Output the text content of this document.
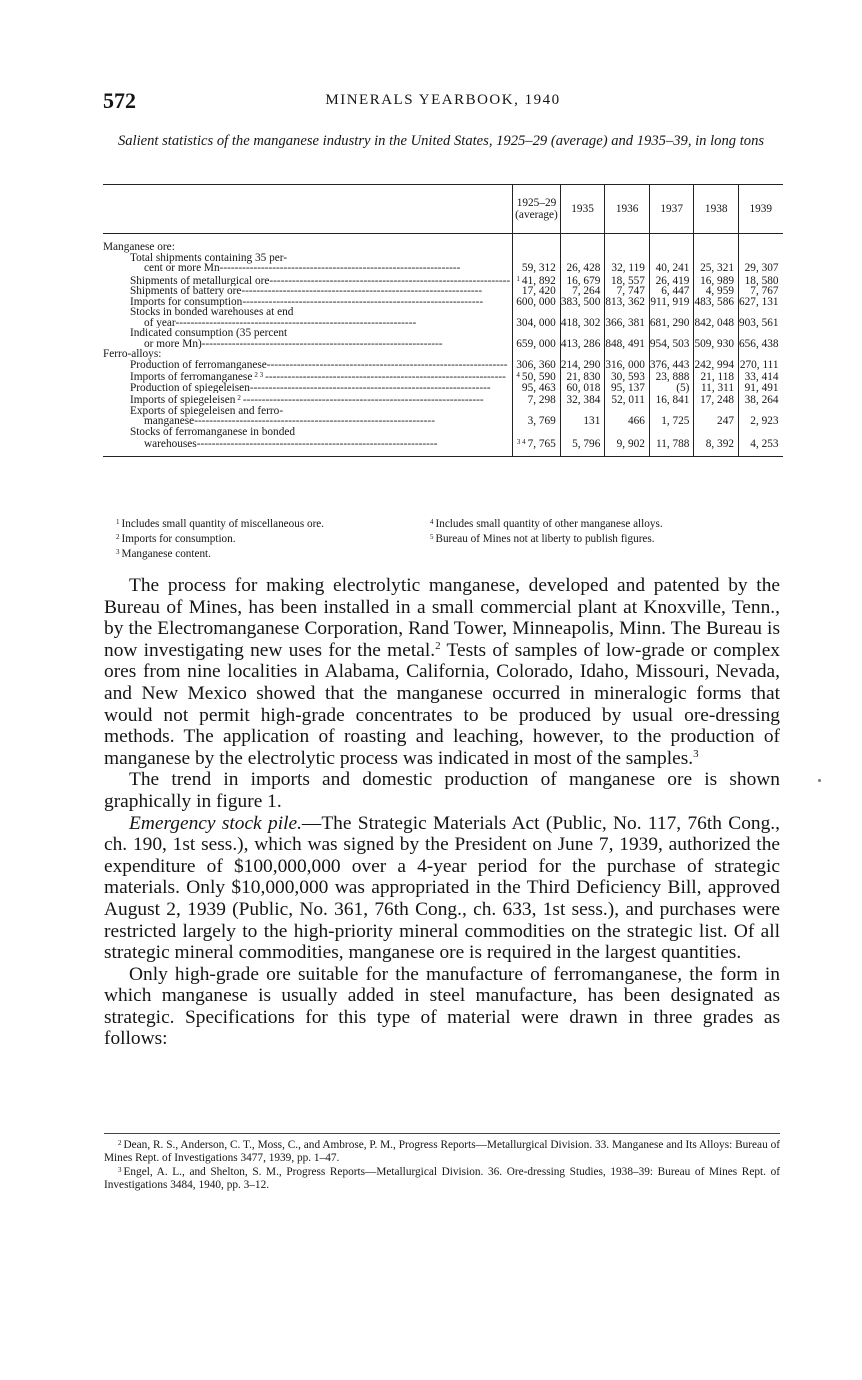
572	MINERALS YEARBOOK, 1940
Salient statistics of the manganese industry in the United States, 1925–29 (average) and 1935–39, in long tons
	1925–29
(average)	1935	1936	1937	1938	1939

Manganese ore:						
Total shipments containing 35 per-						

cent or more Mn -----	59, 312	26, 428	32, 119	40, 241	25, 321	29, 307

Shipments of metallurgical ore -----	$^1$ 41, 892	16, 679	18, 557	26, 419	16, 989	18, 580

Shipments of battery ore -----	17, 420	7, 264	7, 747	6, 447	4, 959	7, 767

Imports for consumption -----	600, 000	383, 500	813, 362	911, 919	483, 586	627, 131
Stocks in bonded warehouses at end						

of year -----	304, 000	418, 302	366, 381	681, 290	842, 048	903, 561
Indicated consumption (35 percent						

or more Mn) -----	659, 000	413, 286	848, 491	954, 503	509, 930	656, 438
Ferro-alloys:						

Production of ferromanganese -----	306, 360	214, 290	316, 000	376, 443	242, 994	270, 111

Imports of ferromanganese $^{2 3}$ -----	$^4$ 50, 590	21, 830	30, 593	23, 888	21, 118	33, 414

Production of spiegeleisen -----	95, 463	60, 018	95, 137	(5)	11, 311	91, 491

Imports of spiegeleisen $^2$ -----	7, 298	32, 384	52, 011	16, 841	17, 248	38, 264
Exports of spiegeleisen and ferro-						

manganese -----	3, 769	131	466	1, 725	247	2, 923
Stocks of ferromanganese in bonded						

warehouses -----	$^{3 4}$ 7, 765	5, 796	9, 902	11, 788	8, 392	4, 253

$^1$ Includes small quantity of miscellaneous ore.
$^2$ Imports for consumption.
$^3$ Manganese content.
$^4$ Includes small quantity of other manganese alloys.
$^5$ Bureau of Mines not at liberty to publish figures.

The process for making electrolytic manganese, developed and patented by the Bureau of Mines, has been installed in a small commercial plant at Knoxville, Tenn., by the Electromanganese Corporation, Rand Tower, Minneapolis, Minn. The Bureau is now investigating new uses for the metal.$^2$ Tests of samples of low-grade or complex ores from nine localities in Alabama, California, Colorado, Idaho, Missouri, Nevada, and New Mexico showed that the manganese occurred in mineralogic forms that would not permit high-grade concentrates to be produced by usual ore-dressing methods. The application of roasting and leaching, however, to the production of manganese by the electrolytic process was indicated in most of the samples.$^3$

The trend in imports and domestic production of manganese ore is shown graphically in figure 1.

Emergency stock pile.—The Strategic Materials Act (Public, No. 117, 76th Cong., ch. 190, 1st sess.), which was signed by the President on June 7, 1939, authorized the expenditure of $100,000,000 over a 4-year period for the purchase of strategic materials. Only $10,000,000 was appropriated in the Third Deficiency Bill, approved August 2, 1939 (Public, No. 361, 76th Cong., ch. 633, 1st sess.), and purchases were restricted largely to the high-priority mineral commodities on the strategic list. Of all strategic mineral commodities, manganese ore is required in the largest quantities.

Only high-grade ore suitable for the manufacture of ferromanganese, the form in which manganese is usually added in steel manufacture, has been designated as strategic. Specifications for this type of material were drawn in three grades as follows:

$^2$ Dean, R. S., Anderson, C. T., Moss, C., and Ambrose, P. M., Progress Reports—Metallurgical Division. 33. Manganese and Its Alloys: Bureau of Mines Rept. of Investigations 3477, 1939, pp. 1–47.

$^3$ Engel, A. L., and Shelton, S. M., Progress Reports—Metallurgical Division. 36. Ore-dressing Studies, 1938–39: Bureau of Mines Rept. of Investigations 3484, 1940, pp. 3–12.
